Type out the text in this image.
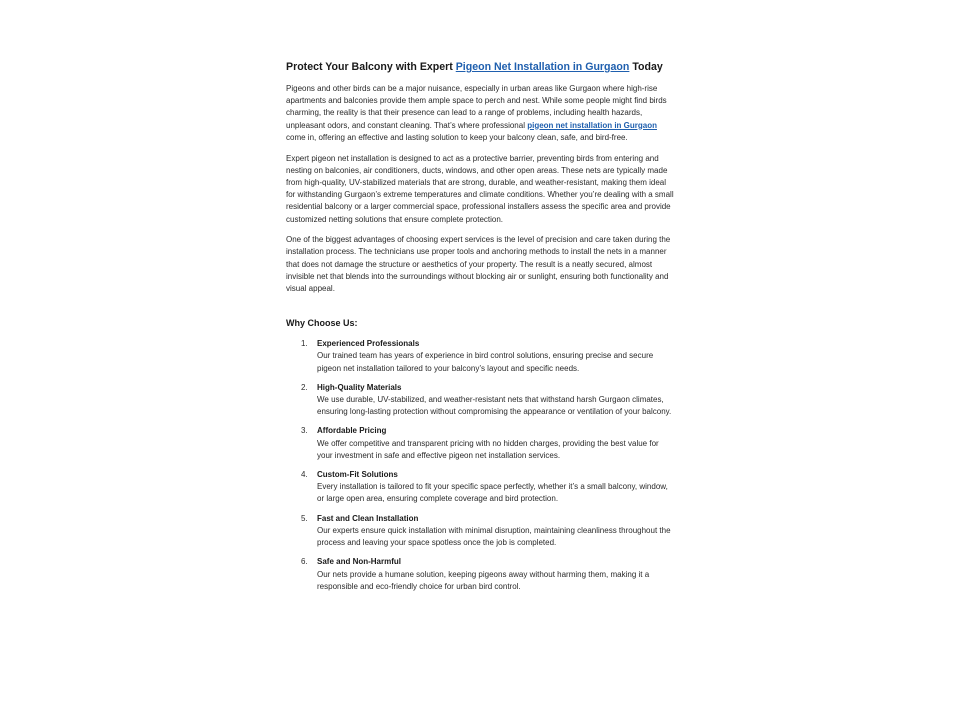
Protect Your Balcony with Expert Pigeon Net Installation in Gurgaon Today

Pigeons and other birds can be a major nuisance, especially in urban areas like Gurgaon where high-rise apartments and balconies provide them ample space to perch and nest. While some people might find birds charming, the reality is that their presence can lead to a range of problems, including health hazards, unpleasant odors, and constant cleaning. That’s where professional pigeon net installation in Gurgaon come in, offering an effective and lasting solution to keep your balcony clean, safe, and bird-free.

Expert pigeon net installation is designed to act as a protective barrier, preventing birds from entering and nesting on balconies, air conditioners, ducts, windows, and other open areas. These nets are typically made from high-quality, UV-stabilized materials that are strong, durable, and weather-resistant, making them ideal for withstanding Gurgaon’s extreme temperatures and climate conditions. Whether you’re dealing with a small residential balcony or a larger commercial space, professional installers assess the specific area and provide customized netting solutions that ensure complete protection.

One of the biggest advantages of choosing expert services is the level of precision and care taken during the installation process. The technicians use proper tools and anchoring methods to install the nets in a manner that does not damage the structure or aesthetics of your property. The result is a neatly secured, almost invisible net that blends into the surroundings without blocking air or sunlight, ensuring both functionality and visual appeal.

Why Choose Us:
1. Experienced Professionals
Our trained team has years of experience in bird control solutions, ensuring precise and secure pigeon net installation tailored to your balcony’s layout and specific needs.
2. High-Quality Materials
We use durable, UV-stabilized, and weather-resistant nets that withstand harsh Gurgaon climates, ensuring long-lasting protection without compromising the appearance or ventilation of your balcony.
3. Affordable Pricing
We offer competitive and transparent pricing with no hidden charges, providing the best value for your investment in safe and effective pigeon net installation services.
4. Custom-Fit Solutions
Every installation is tailored to fit your specific space perfectly, whether it’s a small balcony, window, or large open area, ensuring complete coverage and bird protection.
5. Fast and Clean Installation
Our experts ensure quick installation with minimal disruption, maintaining cleanliness throughout the process and leaving your space spotless once the job is completed.
6. Safe and Non-Harmful
Our nets provide a humane solution, keeping pigeons away without harming them, making it a responsible and eco-friendly choice for urban bird control.
